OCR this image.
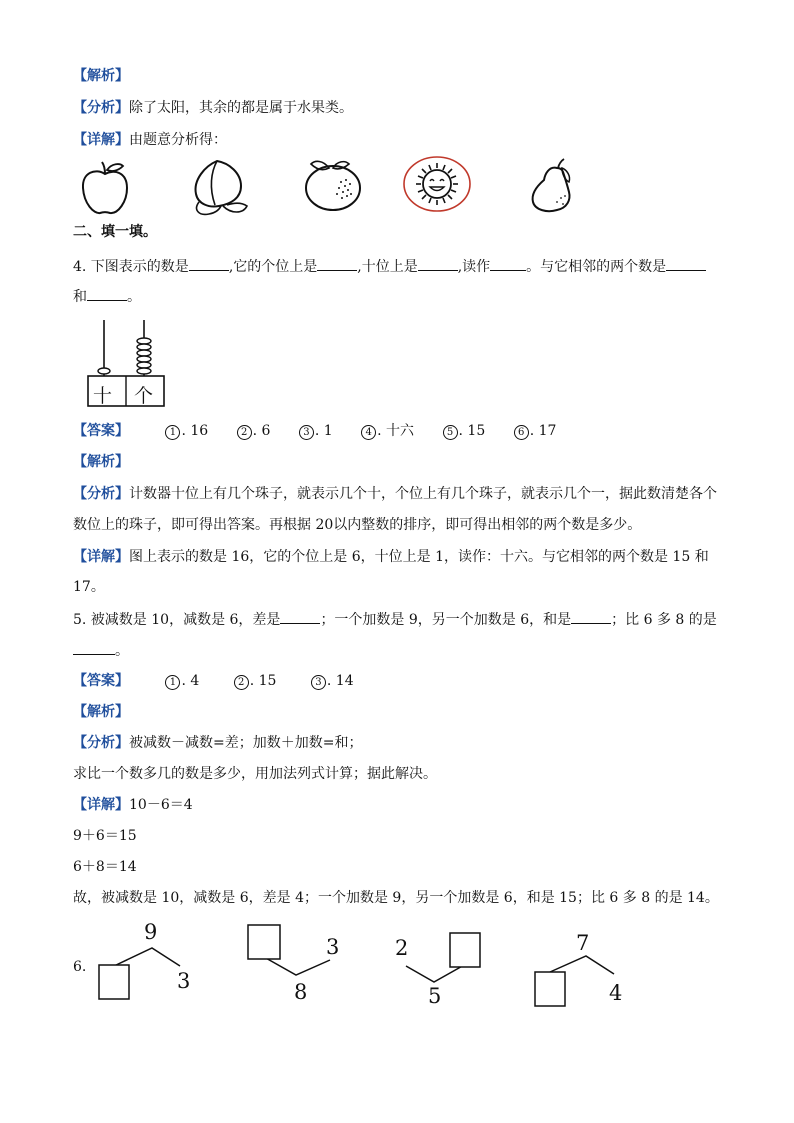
【解析】
【分析】除了太阳，其余的都是属于水果类。
【详解】由题意分析得：
二、填一填。
4. 下图表示的数是	,它的个位上是	,十位上是	,读作	。与它相邻的两个数是
和	。
十 个
【答案】	1 . 16	2 . 6	3 . 1	4 . 十六	5 . 15	6 . 17
【解析】
【分析】计数器十位上有几个珠子，就表示几个十，个位上有几个珠子，就表示几个一，据此数清楚各个
数位上的珠子，即可得出答案。再根据 20以内整数的排序，即可得出相邻的两个数是多少。
【详解】图上表示的数是 16，它的个位上是 6，十位上是 1，读作：十六。与它相邻的两个数是 15 和
17。
5. 被减数是 10，减数是 6，差是	；一个加数是 9，另一个加数是 6，和是	；比 6 多 8 的是
。
【答案】	1 . 4	2 . 15	3 . 14
【解析】
【分析】被减数－减数=差；加数＋加数=和；
求比一个数多几的数是多少，用加法列式计算；据此解决。
【详解】10－6＝4
9＋6＝15
6＋8＝14
故，被减数是 10，减数是 6，差是 4；一个加数是 9，另一个加数是 6，和是 15；比 6 多 8 的是 14。
6.
9
3
3
8
2
5
7
4
